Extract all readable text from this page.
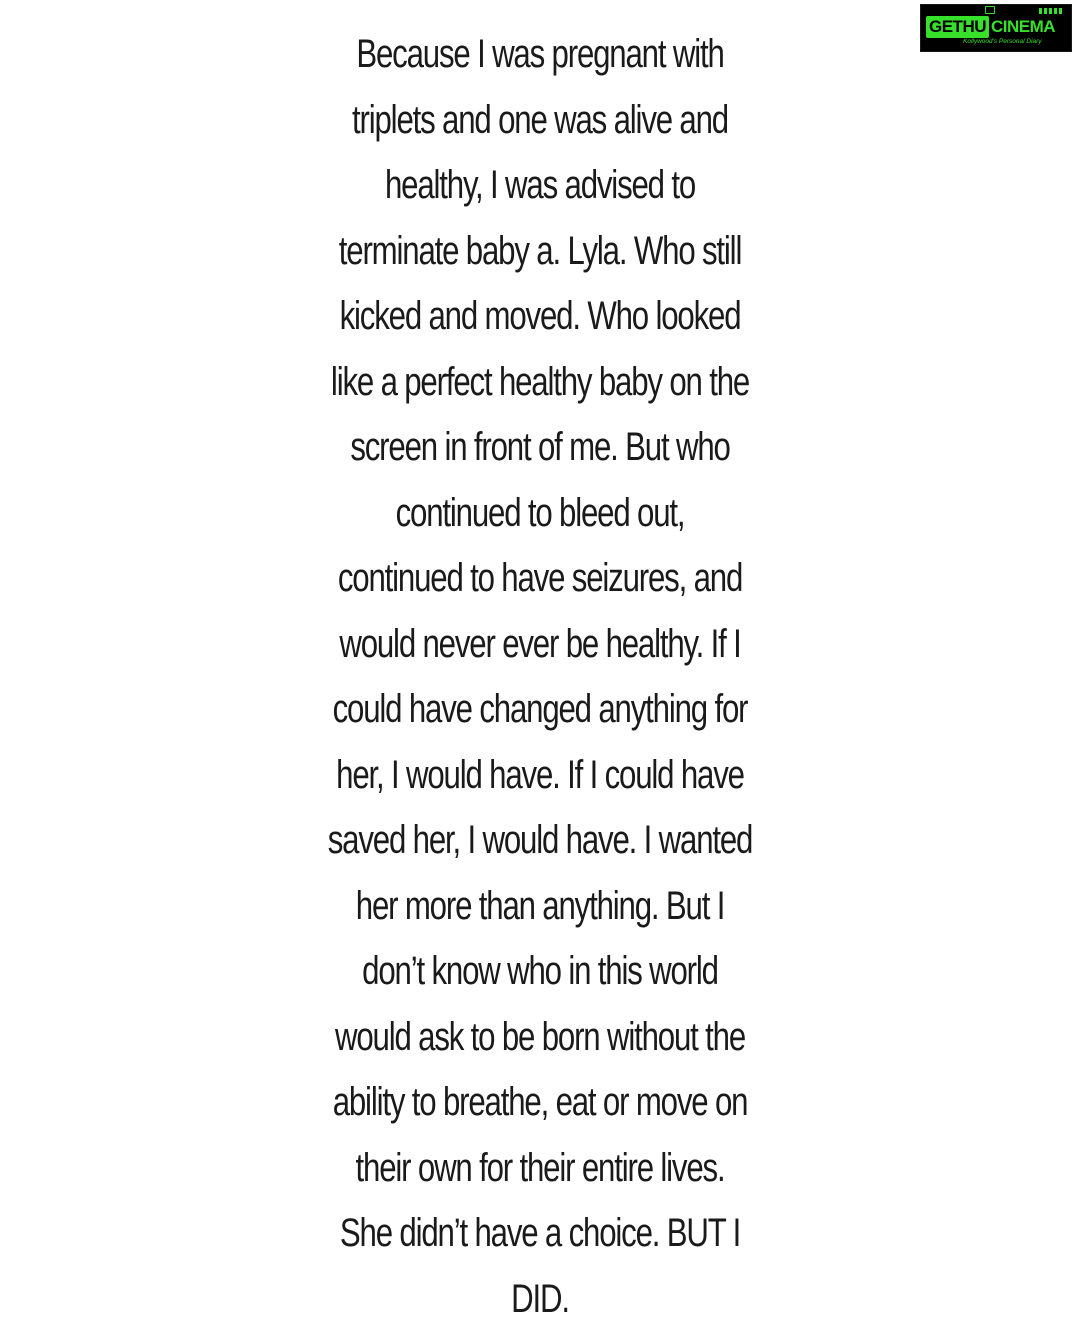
GETHU CINEMA
Kollywood's Personal Diary
Because I was pregnant with
triplets and one was alive and
healthy, I was advised to
terminate baby a. Lyla. Who still
kicked and moved. Who looked
like a perfect healthy baby on the
screen in front of me. But who
continued to bleed out,
continued to have seizures, and
would never ever be healthy. If I
could have changed anything for
her, I would have. If I could have
saved her, I would have. I wanted
her more than anything. But I
don’t know who in this world
would ask to be born without the
ability to breathe, eat or move on
their own for their entire lives.
She didn’t have a choice. BUT I
DID.
